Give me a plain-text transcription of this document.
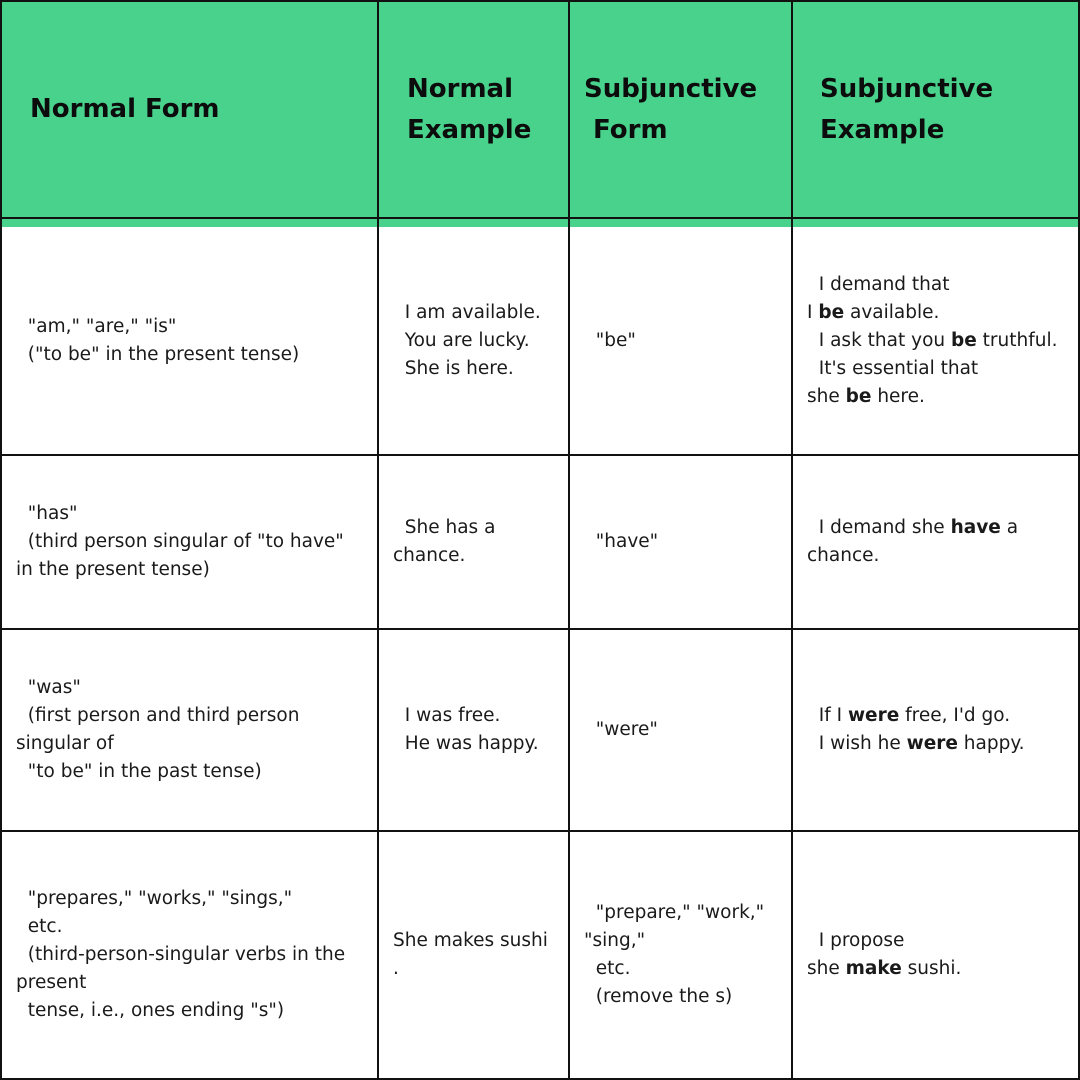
Normal Form
Normal
Example
Subjunctive
Form
Subjunctive
Example
"am," "are," "is"
("to be" in the present tense)
I am available.
You are lucky.
She is here.
"be"
I demand that
I be available.
I ask that you be truthful.
It's essential that
she be here.
"has"
(third person singular of "to have"
in the present tense)
She has a
chance.
"have"
I demand she have a
chance.
"was"
(first person and third person
singular of
"to be" in the past tense)
I was free.
He was happy.
"were"
If I were free, I'd go.
I wish he were happy.
"prepares," "works," "sings,"
etc.
(third-person-singular verbs in the
present
tense, i.e., ones ending "s")
She makes sushi
.
"prepare," "work,"
"sing,"
etc.
(remove the s)
I propose
she make sushi.
